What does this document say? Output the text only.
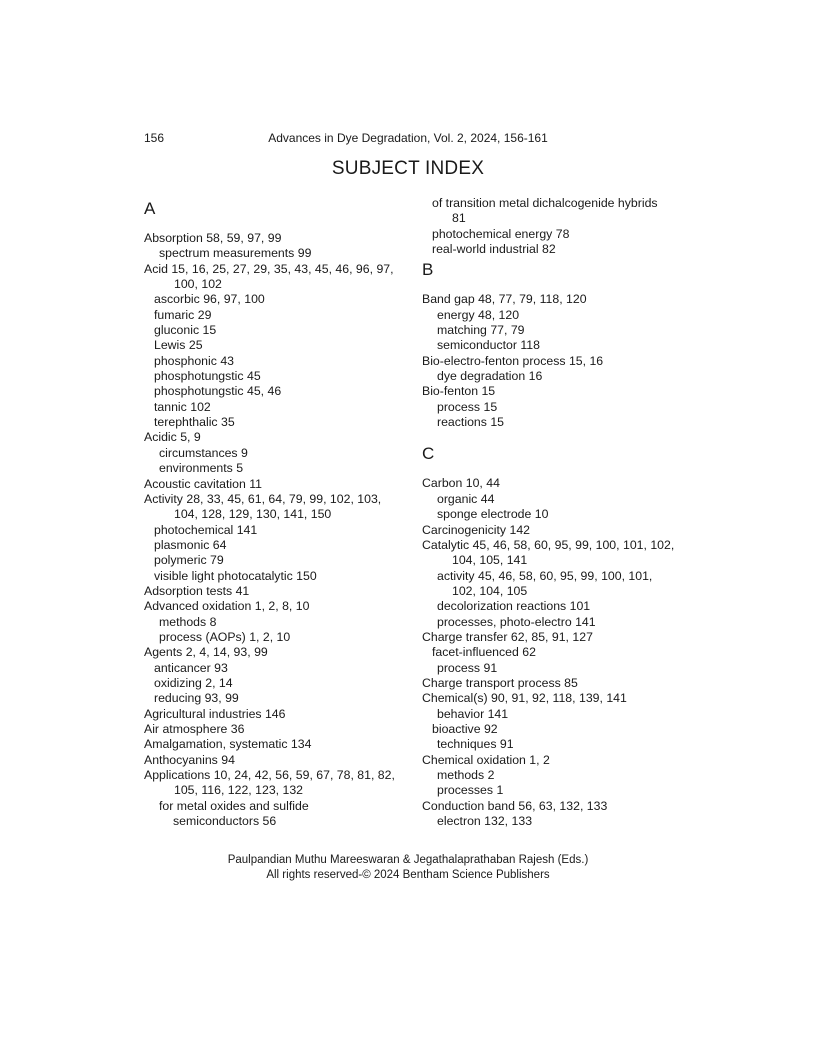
156	Advances in Dye Degradation, Vol. 2, 2024, 156-161
SUBJECT INDEX
A
Absorption 58, 59, 97, 99
spectrum measurements 99
Acid 15, 16, 25, 27, 29, 35, 43, 45, 46, 96, 97,
100, 102
ascorbic 96, 97, 100
fumaric 29
gluconic 15
Lewis 25
phosphonic 43
phosphotungstic 45
phosphotungstic 45, 46
tannic 102
terephthalic 35
Acidic 5, 9
circumstances 9
environments 5
Acoustic cavitation 11
Activity 28, 33, 45, 61, 64, 79, 99, 102, 103,
104, 128, 129, 130, 141, 150
photochemical 141
plasmonic 64
polymeric 79
visible light photocatalytic 150
Adsorption tests 41
Advanced oxidation 1, 2, 8, 10
methods 8
process (AOPs) 1, 2, 10
Agents 2, 4, 14, 93, 99
anticancer 93
oxidizing 2, 14
reducing 93, 99
Agricultural industries 146
Air atmosphere 36
Amalgamation, systematic 134
Anthocyanins 94
Applications 10, 24, 42, 56, 59, 67, 78, 81, 82,
105, 116, 122, 123, 132
for metal oxides and sulfide
semiconductors 56
of transition metal dichalcogenide hybrids
81
photochemical energy 78
real-world industrial 82
B
Band gap 48, 77, 79, 118, 120
energy 48, 120
matching 77, 79
semiconductor 118
Bio-electro-fenton process 15, 16
dye degradation 16
Bio-fenton 15
process 15
reactions 15
C
Carbon 10, 44
organic 44
sponge electrode 10
Carcinogenicity 142
Catalytic 45, 46, 58, 60, 95, 99, 100, 101, 102,
104, 105, 141
activity 45, 46, 58, 60, 95, 99, 100, 101,
102, 104, 105
decolorization reactions 101
processes, photo-electro 141
Charge transfer 62, 85, 91, 127
facet-influenced 62
process 91
Charge transport process 85
Chemical(s) 90, 91, 92, 118, 139, 141
behavior 141
bioactive 92
techniques 91
Chemical oxidation 1, 2
methods 2
processes 1
Conduction band 56, 63, 132, 133
electron 132, 133
Paulpandian Muthu Mareeswaran & Jegathalaprathaban Rajesh (Eds.)
All rights reserved-© 2024 Bentham Science Publishers
